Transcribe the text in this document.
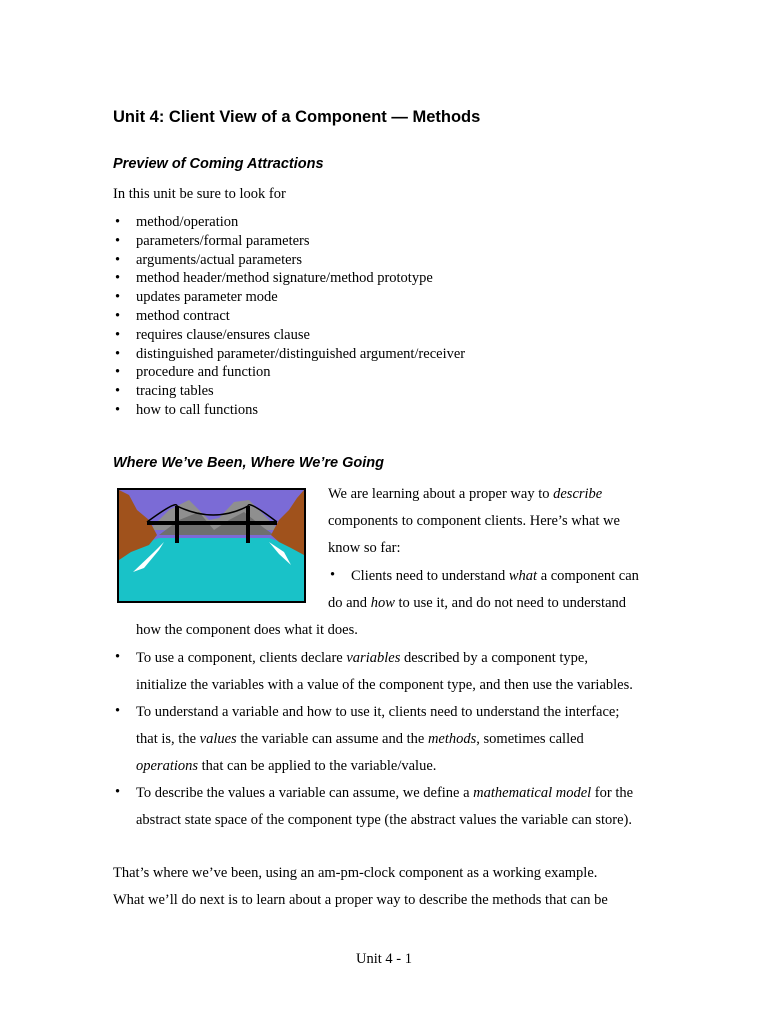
Unit 4: Client View of a Component — Methods
Preview of Coming Attractions
In this unit be sure to look for
• method/operation
• parameters/formal parameters
• arguments/actual parameters
• method header/method signature/method prototype
• updates parameter mode
• method contract
• requires clause/ensures clause
• distinguished parameter/distinguished argument/receiver
• procedure and function
• tracing tables
• how to call functions
Where We’ve Been, Where We’re Going
We are learning about a proper way to describe
components to component clients. Here’s what we
know so far:
• Clients need to understand what a component can
do and how to use it, and do not need to understand
how the component does what it does.
• To use a component, clients declare variables described by a component type,
initialize the variables with a value of the component type, and then use the variables.
• To understand a variable and how to use it, clients need to understand the interface;
that is, the values the variable can assume and the methods, sometimes called
operations that can be applied to the variable/value.
• To describe the values a variable can assume, we define a mathematical model for the
abstract state space of the component type (the abstract values the variable can store).
That’s where we’ve been, using an am-pm-clock component as a working example.
What we’ll do next is to learn about a proper way to describe the methods that can be
Unit 4 - 1
